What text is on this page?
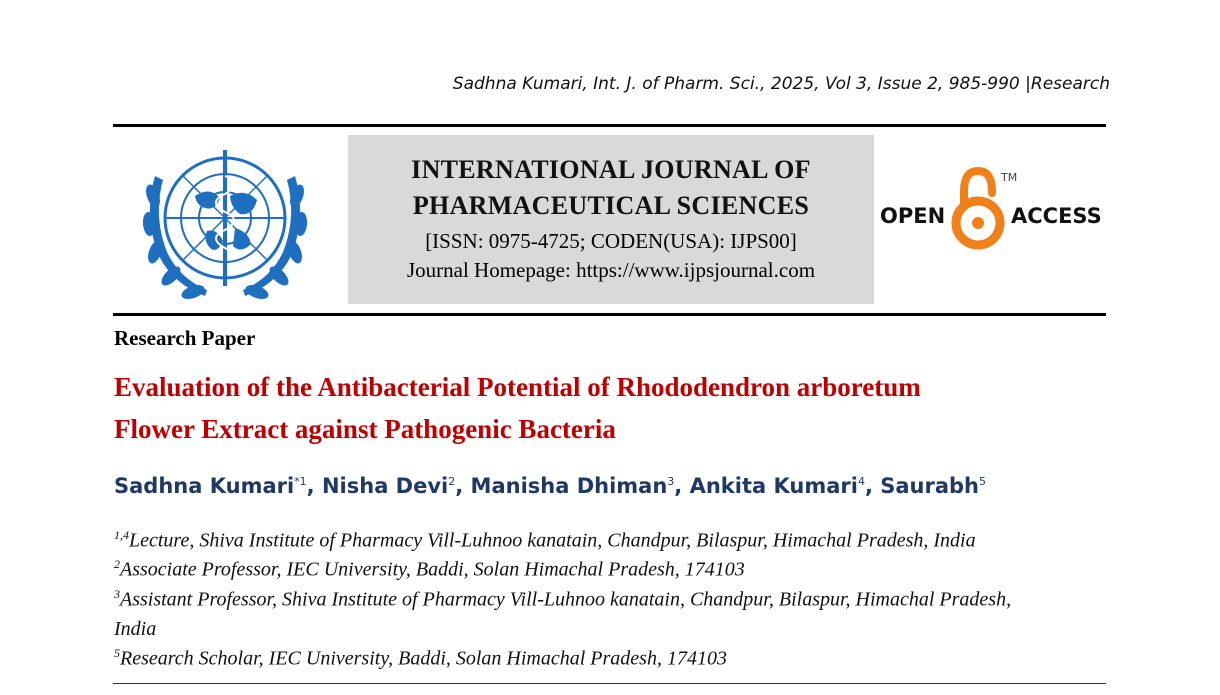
Sadhna Kumari, Int. J. of Pharm. Sci., 2025, Vol 3, Issue 2, 985-990 |Research
INTERNATIONAL JOURNAL OF
PHARMACEUTICAL SCIENCES
[ISSN: 0975-4725; CODEN(USA): IJPS00]
Journal Homepage: https://www.ijpsjournal.com
OPEN
TM
ACCESS
Research Paper
Evaluation of the Antibacterial Potential of Rhododendron arboretum
Flower Extract against Pathogenic Bacteria
Sadhna Kumari$^{*1}$, Nisha Devi$^2$, Manisha Dhiman$^3$, Ankita Kumari$^4$, Saurabh$^5$
$^{1,4}$Lecture, Shiva Institute of Pharmacy Vill-Luhnoo kanatain, Chandpur, Bilaspur, Himachal Pradesh, India
$^2$Associate Professor, IEC University, Baddi, Solan Himachal Pradesh, 174103
$^3$Assistant Professor, Shiva Institute of Pharmacy Vill-Luhnoo kanatain, Chandpur, Bilaspur, Himachal Pradesh,
India
$^5$Research Scholar, IEC University, Baddi, Solan Himachal Pradesh, 174103
